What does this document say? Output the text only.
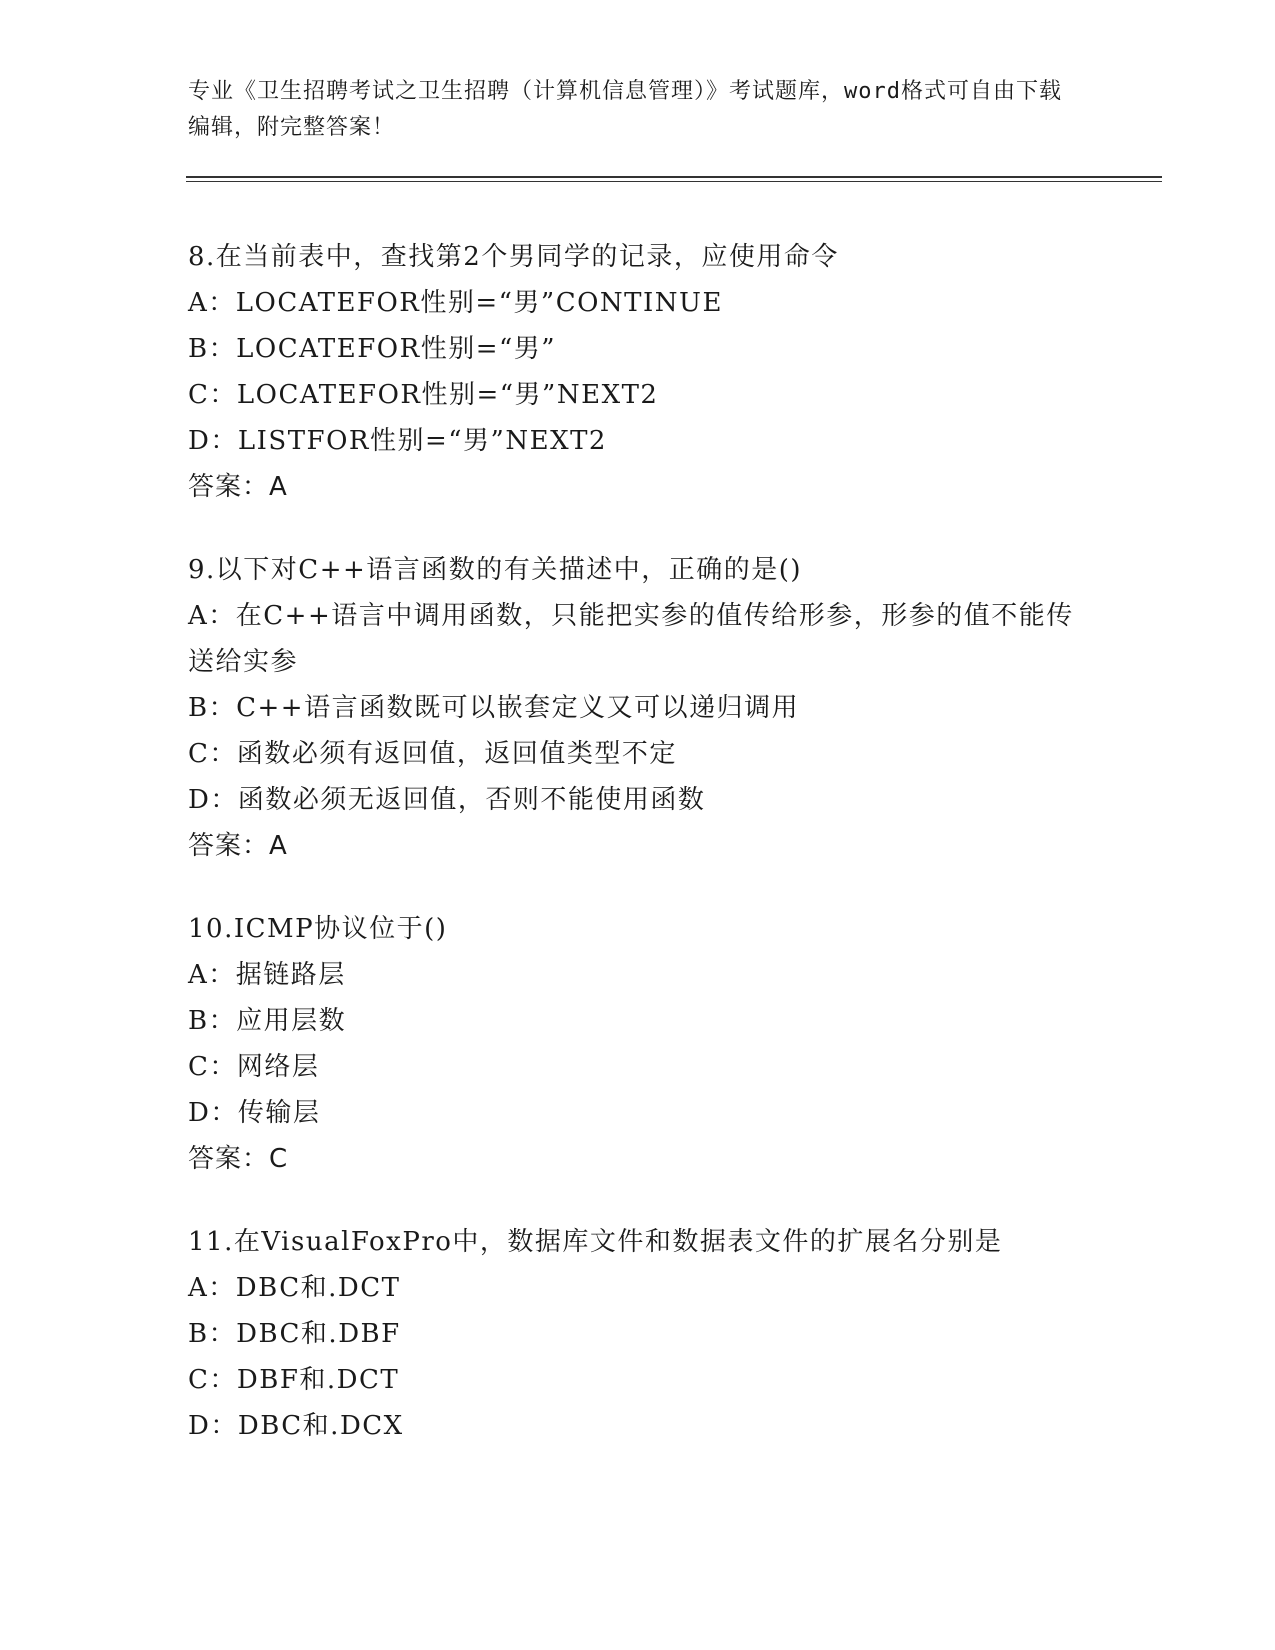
专业《卫生招聘考试之卫生招聘（计算机信息管理）》考试题库，word格式可自由下载编辑，附完整答案！

8.在当前表中，查找第2个男同学的记录，应使用命令

A：LOCATEFOR性别=“男”CONTINUE

B：LOCATEFOR性别=“男”

C：LOCATEFOR性别=“男”NEXT2

D：LISTFOR性别=“男”NEXT2

答案：A

9.以下对C++语言函数的有关描述中，正确的是()

A：在C++语言中调用函数，只能把实参的值传给形参，形参的值不能传送给实参

B：C++语言函数既可以嵌套定义又可以递归调用

C：函数必须有返回值，返回值类型不定

D：函数必须无返回值，否则不能使用函数

答案：A

10.ICMP协议位于()

A：据链路层

B：应用层数

C：网络层

D：传输层

答案：C

11.在VisualFoxPro中，数据库文件和数据表文件的扩展名分别是

A：DBC和.DCT

B：DBC和.DBF

C：DBF和.DCT

D：DBC和.DCX
